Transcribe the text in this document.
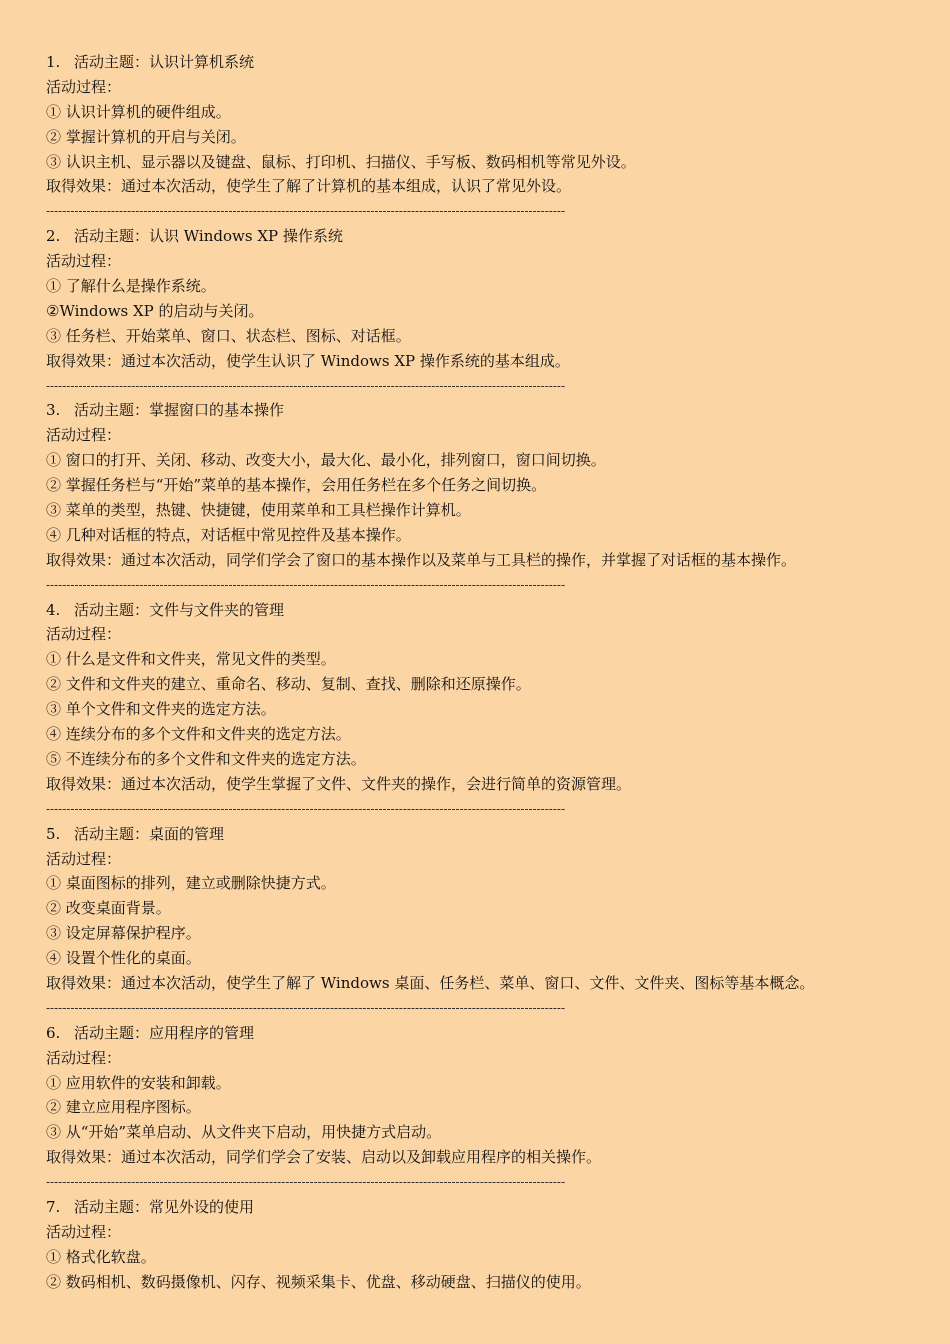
1. 活动主题：认识计算机系统
活动过程：
① 认识计算机的硬件组成。
② 掌握计算机的开启与关闭。
③ 认识主机、显示器以及键盘、鼠标、打印机、扫描仪、手写板、数码相机等常见外设。
取得效果：通过本次活动，使学生了解了计算机的基本组成，认识了常见外设。
--------------------------------------------------------------------------------------------------------------------------------
2. 活动主题：认识 Windows XP 操作系统
活动过程：
① 了解什么是操作系统。
②Windows XP 的启动与关闭。
③ 任务栏、开始菜单、窗口、状态栏、图标、对话框。
取得效果：通过本次活动，使学生认识了 Windows XP 操作系统的基本组成。
--------------------------------------------------------------------------------------------------------------------------------
3. 活动主题：掌握窗口的基本操作
活动过程：
① 窗口的打开、关闭、移动、改变大小，最大化、最小化，排列窗口，窗口间切换。
② 掌握任务栏与“开始”菜单的基本操作，会用任务栏在多个任务之间切换。
③ 菜单的类型，热键、快捷键，使用菜单和工具栏操作计算机。
④ 几种对话框的特点，对话框中常见控件及基本操作。
取得效果：通过本次活动，同学们学会了窗口的基本操作以及菜单与工具栏的操作，并掌握了对话框的基本操作。
--------------------------------------------------------------------------------------------------------------------------------
4. 活动主题：文件与文件夹的管理
活动过程：
① 什么是文件和文件夹，常见文件的类型。
② 文件和文件夹的建立、重命名、移动、复制、查找、删除和还原操作。
③ 单个文件和文件夹的选定方法。
④ 连续分布的多个文件和文件夹的选定方法。
⑤ 不连续分布的多个文件和文件夹的选定方法。
取得效果：通过本次活动，使学生掌握了文件、文件夹的操作，会进行简单的资源管理。
--------------------------------------------------------------------------------------------------------------------------------
5. 活动主题：桌面的管理
活动过程：
① 桌面图标的排列，建立或删除快捷方式。
② 改变桌面背景。
③ 设定屏幕保护程序。
④ 设置个性化的桌面。
取得效果：通过本次活动，使学生了解了 Windows 桌面、任务栏、菜单、窗口、文件、文件夹、图标等基本概念。
--------------------------------------------------------------------------------------------------------------------------------
6. 活动主题：应用程序的管理
活动过程：
① 应用软件的安装和卸载。
② 建立应用程序图标。
③ 从“开始”菜单启动、从文件夹下启动，用快捷方式启动。
取得效果：通过本次活动，同学们学会了安装、启动以及卸载应用程序的相关操作。
--------------------------------------------------------------------------------------------------------------------------------
7. 活动主题：常见外设的使用
活动过程：
① 格式化软盘。
② 数码相机、数码摄像机、闪存、视频采集卡、优盘、移动硬盘、扫描仪的使用。
